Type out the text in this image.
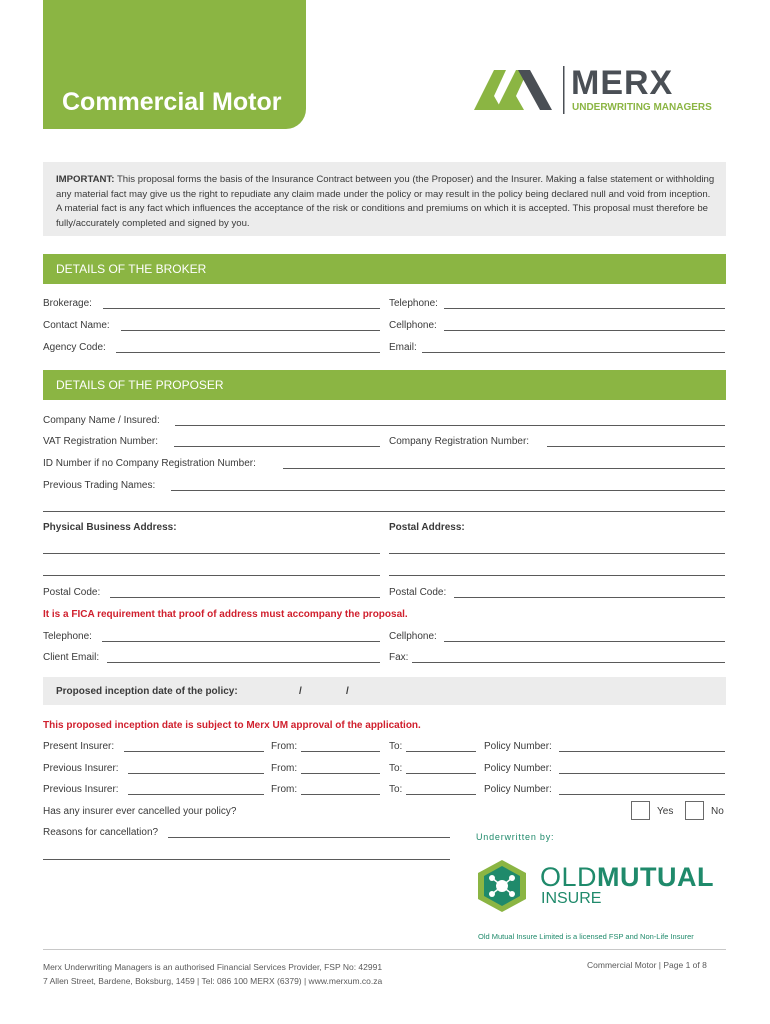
Commercial Motor	MERX
UNDERWRITING MANAGERS

IMPORTANT: This proposal forms the basis of the Insurance Contract between you (the Proposer) and the Insurer. Making a false statement or withholding any material fact may give us the right to repudiate any claim made under the policy or may result in the policy being declared null and void from inception. A material fact is any fact which influences the acceptance of the risk or conditions and premiums on which it is accepted. This proposal must therefore be fully/accurately completed and signed by you.

DETAILS OF THE BROKER
Brokerage:	Telephone:
Contact Name:	Cellphone:
Agency Code:	Email:
DETAILS OF THE PROPOSER
Company Name / Insured:
VAT Registration Number:	Company Registration Number:
ID Number if no Company Registration Number:
Previous Trading Names:
Physical Business Address:	Postal Address:
Postal Code:	Postal Code:
It is a FICA requirement that proof of address must accompany the proposal.
Telephone:	Cellphone:
Client Email:	Fax:
Proposed inception date of the policy:	/	/
This proposed inception date is subject to Merx UM approval of the application.
Present Insurer:	From:	To:	Policy Number:
Previous Insurer:	From:	To:	Policy Number:
Previous Insurer:	From:	To:	Policy Number:
Has any insurer ever cancelled your policy?	Yes	No
Reasons for cancellation?	Underwritten by:
OLDMUTUAL
INSURE
Old Mutual Insure Limited is a licensed FSP and Non-Life Insurer
Merx Underwriting Managers is an authorised Financial Services Provider, FSP No: 42991
7 Allen Street, Bardene, Boksburg, 1459 | Tel: 086 100 MERX (6379) | www.merxum.co.za
Commercial Motor | Page 1 of 8
